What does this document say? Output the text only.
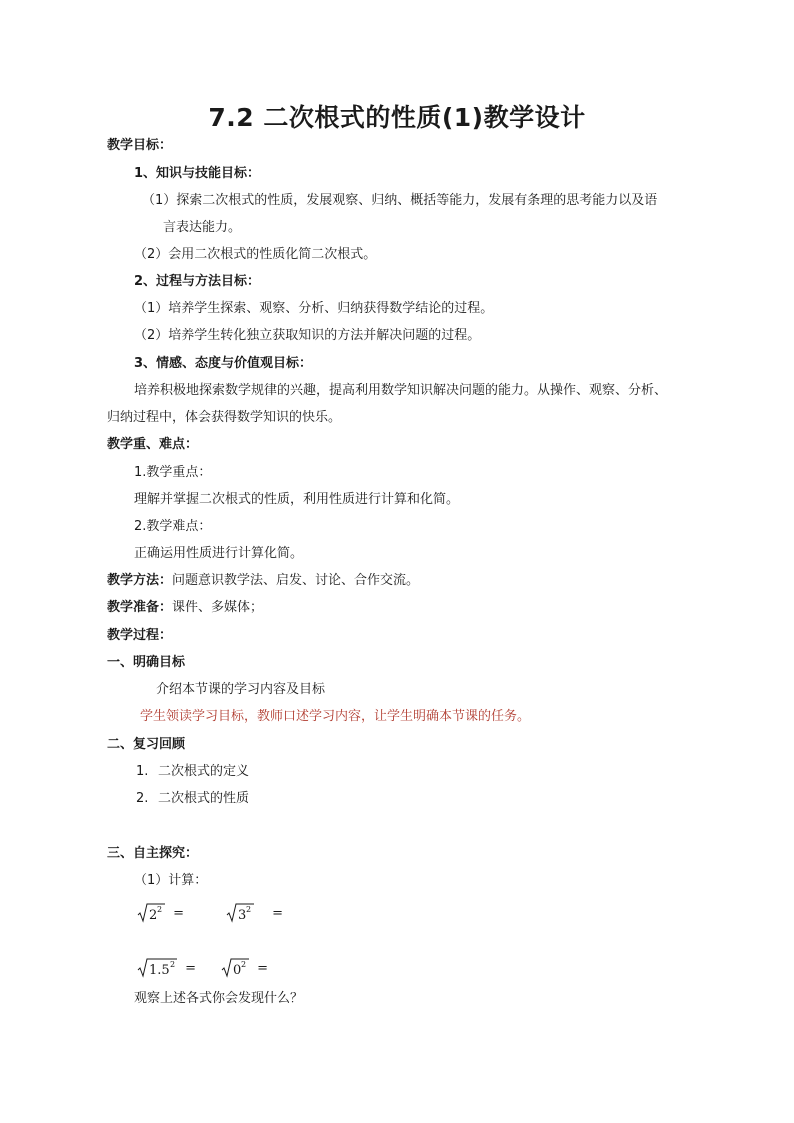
7.2 二次根式的性质(1)教学设计
教学目标：
1、知识与技能目标：
（1）探索二次根式的性质，发展观察、归纳、概括等能力，发展有条理的思考能力以及语
言表达能力。
（2）会用二次根式的性质化简二次根式。
2、过程与方法目标：
（1）培养学生探索、观察、分析、归纳获得数学结论的过程。
（2）培养学生转化独立获取知识的方法并解决问题的过程。
3、情感、态度与价值观目标：
培养积极地探索数学规律的兴趣，提高利用数学知识解决问题的能力。从操作、观察、分析、
归纳过程中，体会获得数学知识的快乐。
教学重、难点：
1.教学重点：
理解并掌握二次根式的性质，利用性质进行计算和化简。
2.教学难点：
正确运用性质进行计算化简。
教学方法：问题意识教学法、启发、讨论、合作交流。
教学准备：课件、多媒体；
教学过程：
一、明确目标
介绍本节课的学习内容及目标
学生领读学习目标，教师口述学习内容，让学生明确本节课的任务。
二、复习回顾
1. 二次根式的定义
2. 二次根式的性质
三、自主探究：
（1）计算：
2 2 =	3 2 =
1.5 2 =	0 2 =
观察上述各式你会发现什么？
